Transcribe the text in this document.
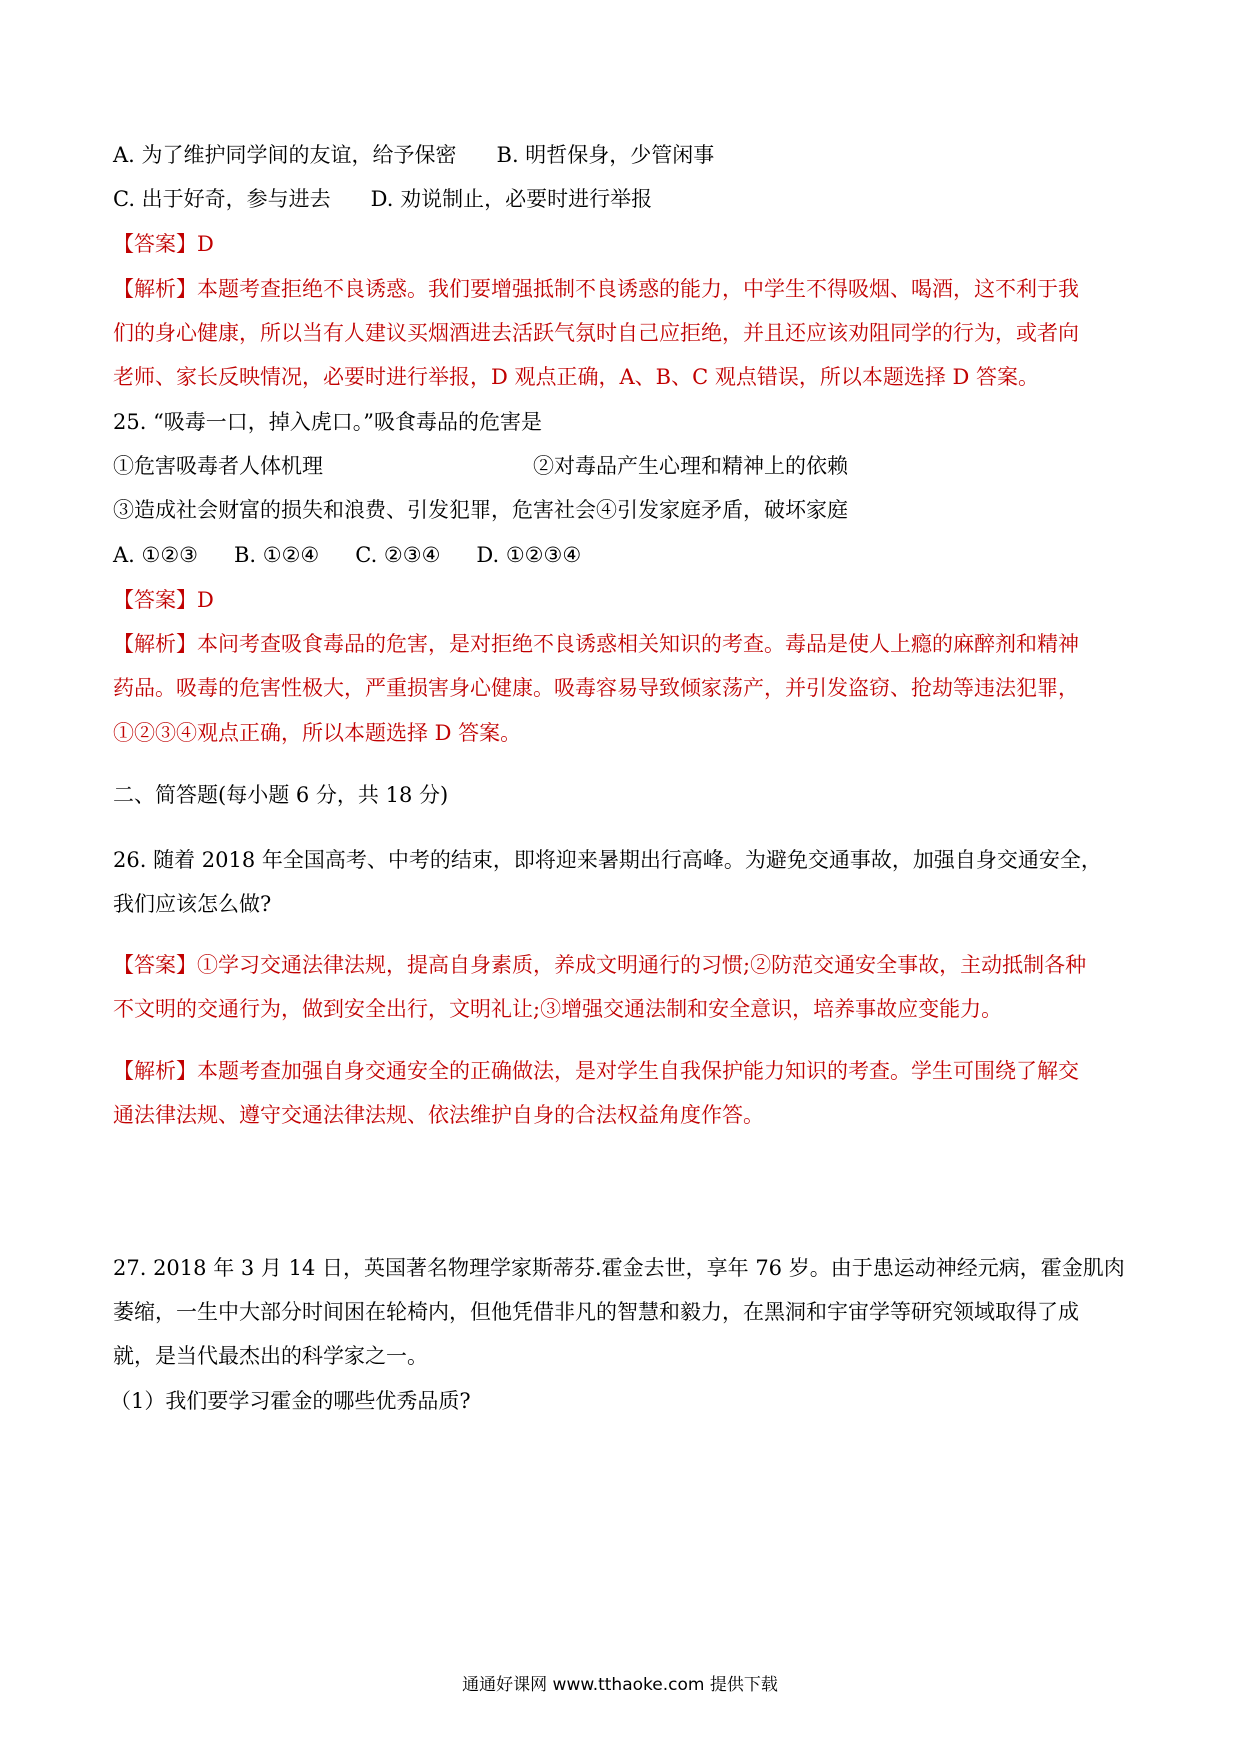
A. 为了维护同学间的友谊，给予保密 B. 明哲保身，少管闲事
C. 出于好奇，参与进去 D. 劝说制止，必要时进行举报
【答案】D
【解析】本题考查拒绝不良诱惑。我们要增强抵制不良诱惑的能力，中学生不得吸烟、喝酒，这不利于我
们的身心健康，所以当有人建议买烟酒进去活跃气氛时自己应拒绝，并且还应该劝阻同学的行为，或者向
老师、家长反映情况，必要时进行举报，D 观点正确，A、B、C 观点错误，所以本题选择 D 答案。
25. “吸毒一口，掉入虎口。”吸食毒品的危害是
①危害吸毒者人体机理	②对毒品产生心理和精神上的依赖
③造成社会财富的损失和浪费、引发犯罪，危害社会④引发家庭矛盾，破坏家庭
A. ①②③ B. ①②④ C. ②③④ D. ①②③④
【答案】D
【解析】本问考查吸食毒品的危害，是对拒绝不良诱惑相关知识的考查。毒品是使人上瘾的麻醉剂和精神
药品。吸毒的危害性极大，严重损害身心健康。吸毒容易导致倾家荡产，并引发盗窃、抢劫等违法犯罪，
①②③④观点正确，所以本题选择 D 答案。
二、简答题(每小题 6 分，共 18 分)
26. 随着 2018 年全国高考、中考的结束，即将迎来暑期出行高峰。为避免交通事故，加强自身交通安全，
我们应该怎么做?
【答案】①学习交通法律法规，提高自身素质，养成文明通行的习惯;②防范交通安全事故，主动抵制各种
不文明的交通行为，做到安全出行，文明礼让;③增强交通法制和安全意识，培养事故应变能力。
【解析】本题考查加强自身交通安全的正确做法，是对学生自我保护能力知识的考查。学生可围绕了解交
通法律法规、遵守交通法律法规、依法维护自身的合法权益角度作答。
27. 2018 年 3 月 14 日，英国著名物理学家斯蒂芬.霍金去世，享年 76 岁。由于患运动神经元病，霍金肌肉
萎缩，一生中大部分时间困在轮椅内，但他凭借非凡的智慧和毅力，在黑洞和宇宙学等研究领域取得了成
就，是当代最杰出的科学家之一。
（1）我们要学习霍金的哪些优秀品质?
通通好课网 www.tthaoke.com 提供下载
